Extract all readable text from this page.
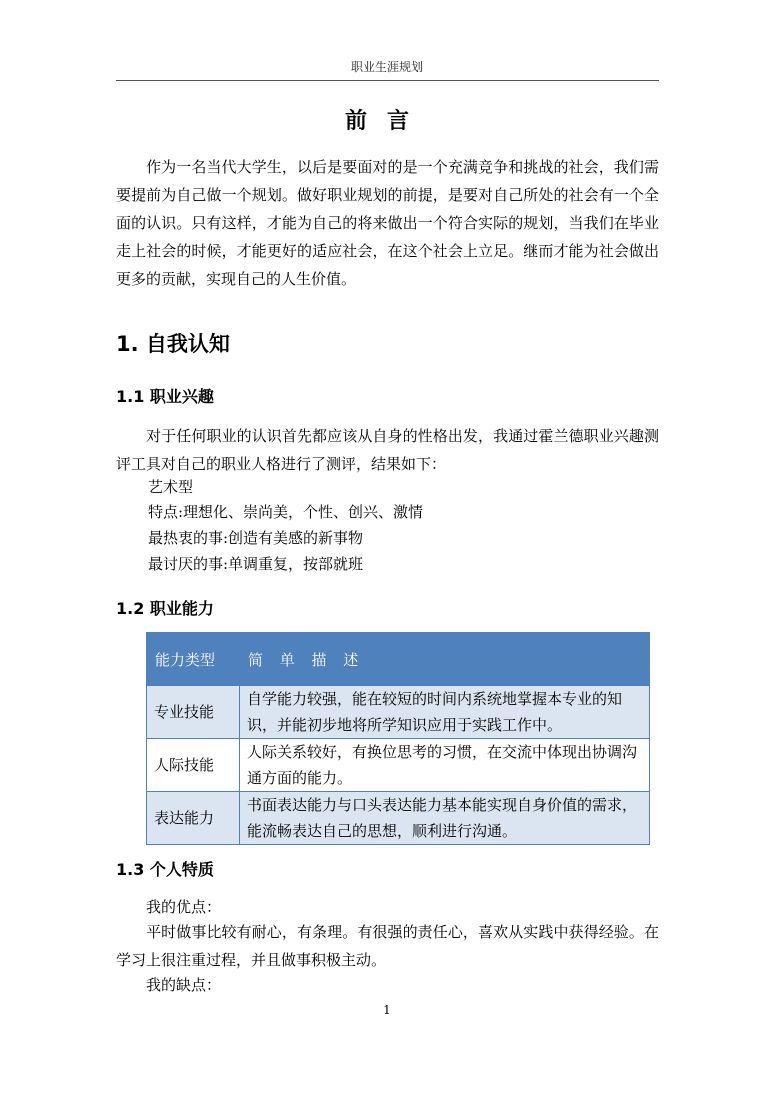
职业生涯规划
前言
作为一名当代大学生，以后是要面对的是一个充满竞争和挑战的社会，我们需要提前为自己做一个规划。做好职业规划的前提，是要对自己所处的社会有一个全面的认识。只有这样，才能为自己的将来做出一个符合实际的规划，当我们在毕业走上社会的时候，才能更好的适应社会，在这个社会上立足。继而才能为社会做出更多的贡献，实现自己的人生价值。
1. 自我认知
1.1 职业兴趣
对于任何职业的认识首先都应该从自身的性格出发，我通过霍兰德职业兴趣测评工具对自己的职业人格进行了测评，结果如下：
艺术型
特点:理想化、崇尚美，个性、创兴、激情
最热衷的事:创造有美感的新事物
最讨厌的事:单调重复，按部就班
1.2 职业能力
能力类型	简 单 描 述
专业技能	自学能力较强，能在较短的时间内系统地掌握本专业的知识，并能初步地将所学知识应用于实践工作中。
人际技能	人际关系较好，有换位思考的习惯，在交流中体现出协调沟通方面的能力。
表达能力	书面表达能力与口头表达能力基本能实现自身价值的需求，能流畅表达自己的思想，顺利进行沟通。
1.3 个人特质
我的优点：
平时做事比较有耐心，有条理。有很强的责任心，喜欢从实践中获得经验。在学习上很注重过程，并且做事积极主动。
我的缺点：
1
